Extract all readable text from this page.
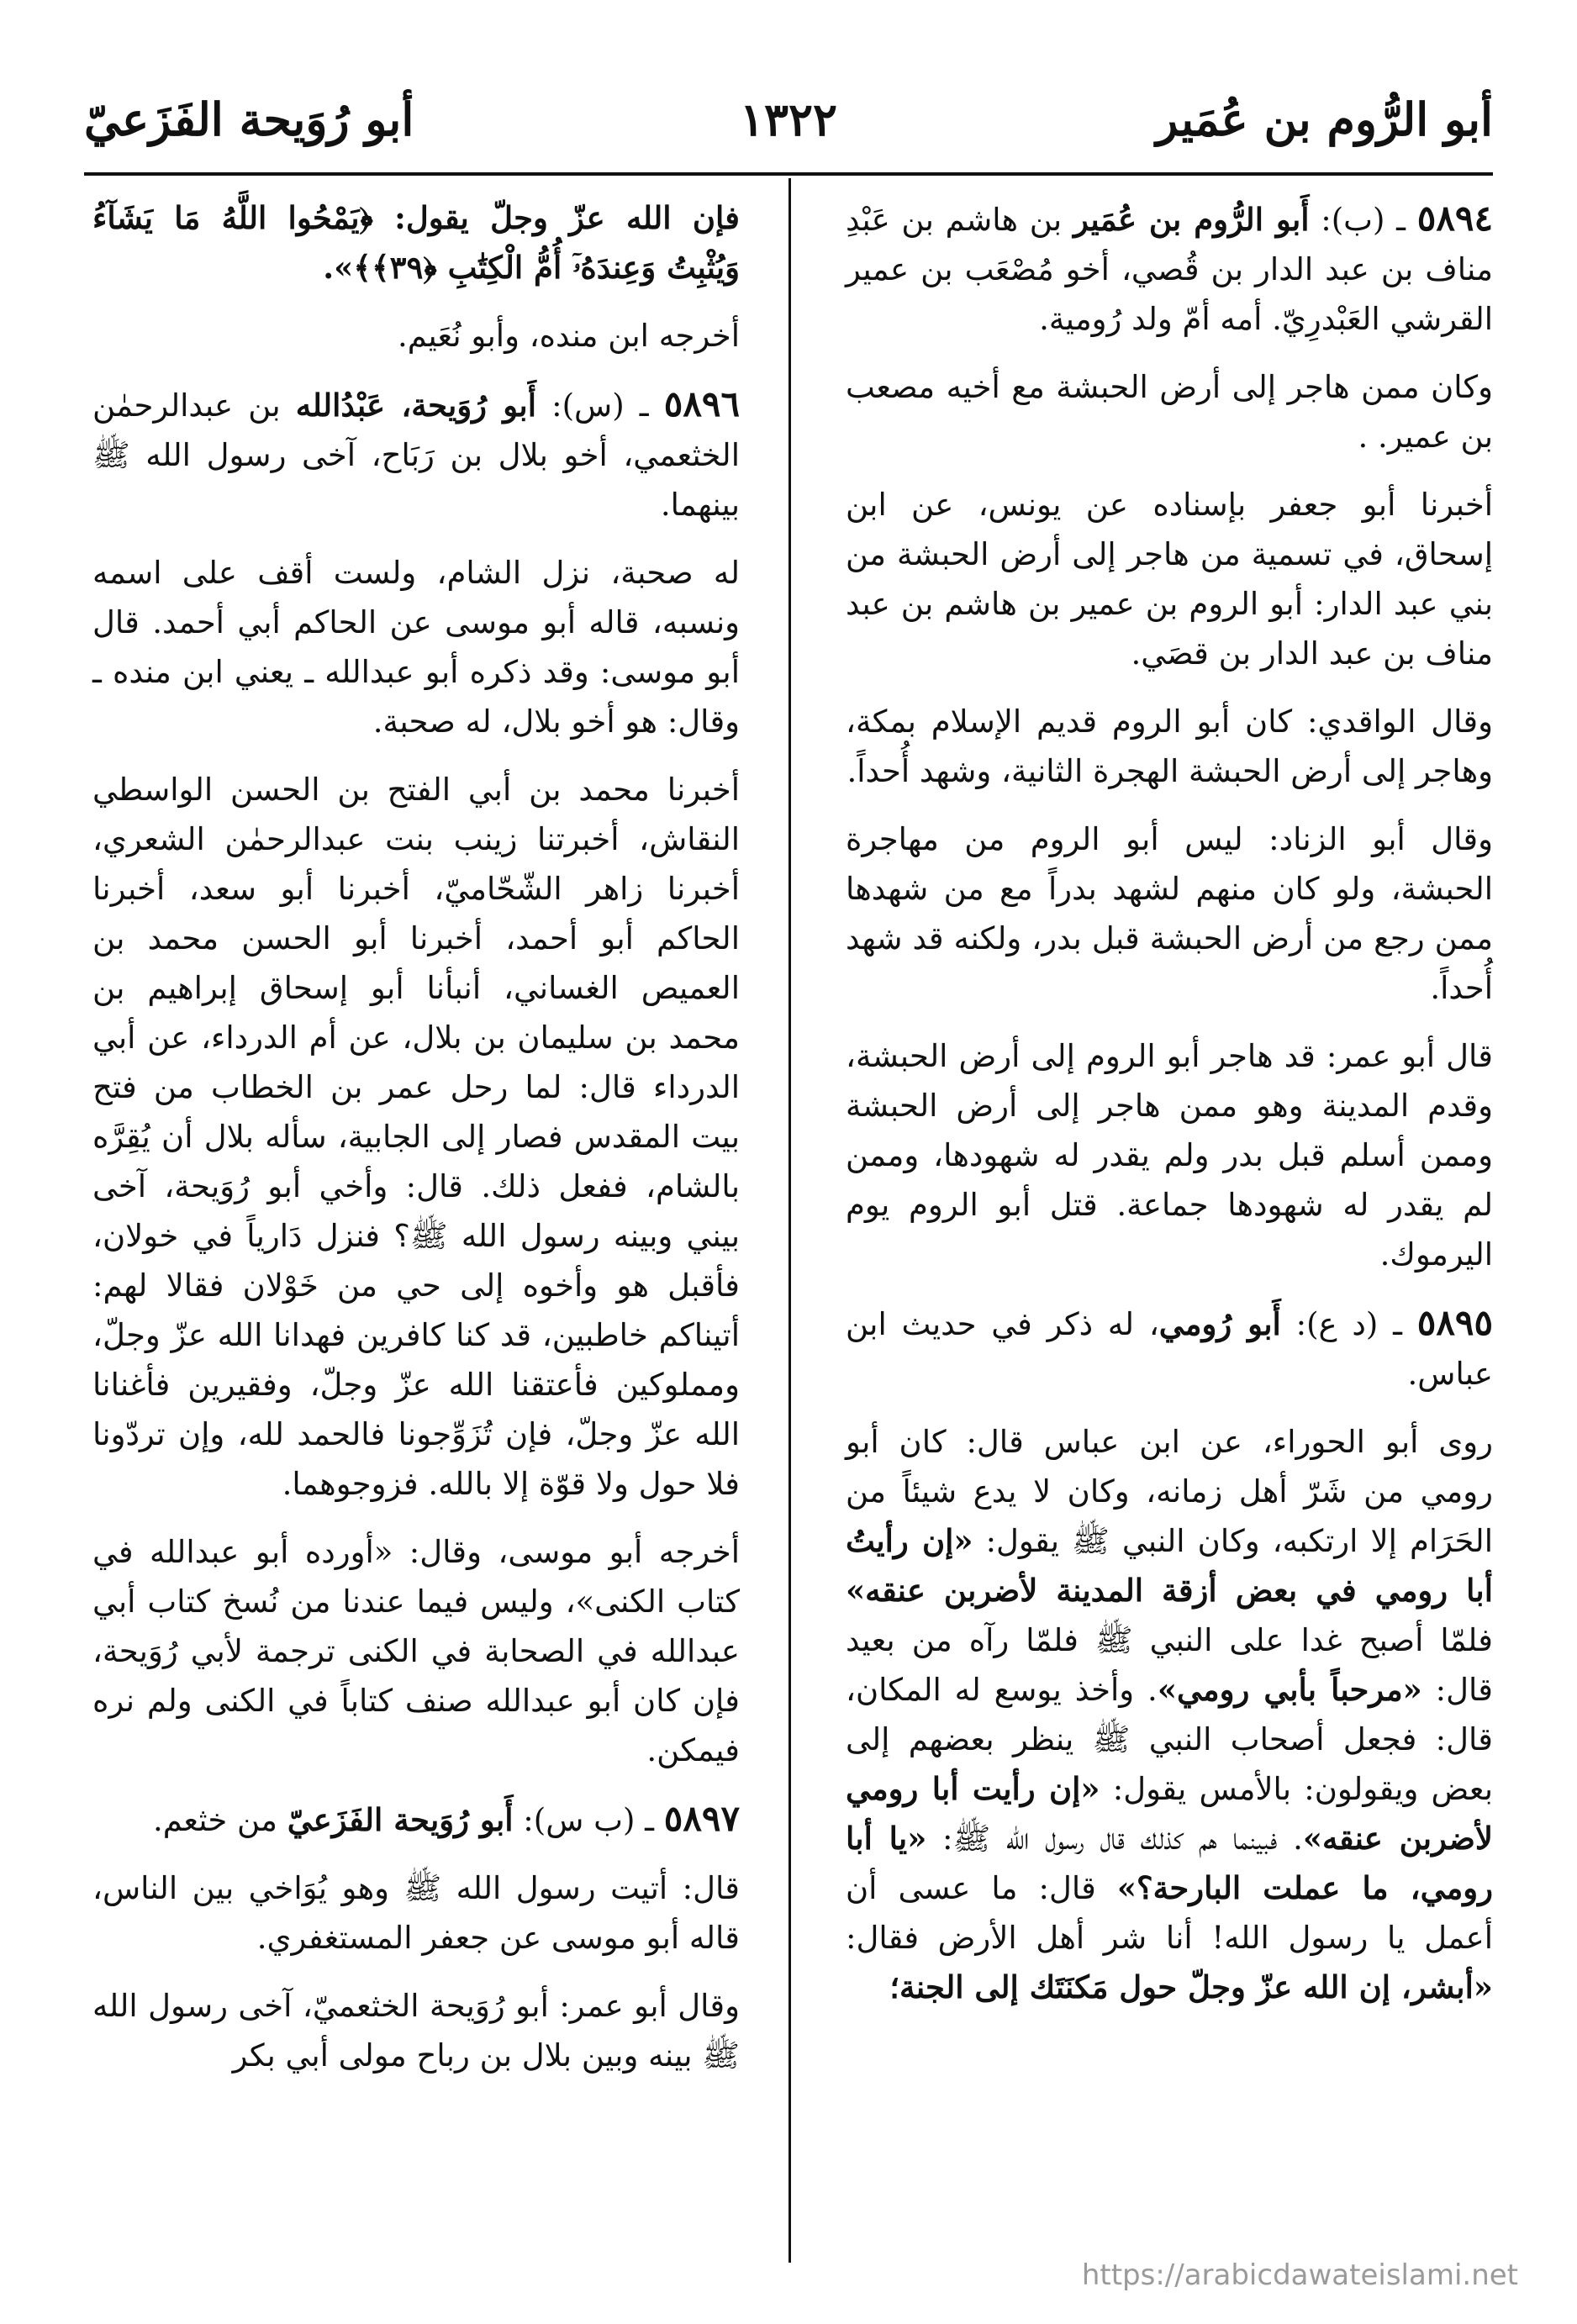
أبو الرُّوم بن عُمَير
١٣٢٢
أبو رُوَيحة الفَزَعيّ

٥٨٩٤ ـ (ب): أَبو الرُّوم بن عُمَير بن هاشم بن عَبْدِ مناف بن عبد الدار بن قُصي، أخو مُصْعَب بن عمير القرشي العَبْدرِيّ. أمه أمّ ولد رُومية.

وكان ممن هاجر إلى أرض الحبشة مع أخيه مصعب بن عمير. .

أخبرنا أبو جعفر بإسناده عن يونس، عن ابن إسحاق، في تسمية من هاجر إلى أرض الحبشة من بني عبد الدار: أبو الروم بن عمير بن هاشم بن عبد مناف بن عبد الدار بن قصَي.

وقال الواقدي: كان أبو الروم قديم الإسلام بمكة، وهاجر إلى أرض الحبشة الهجرة الثانية، وشهد أُحداً.

وقال أبو الزناد: ليس أبو الروم من مهاجرة الحبشة، ولو كان منهم لشهد بدراً مع من شهدها ممن رجع من أرض الحبشة قبل بدر، ولكنه قد شهد أُحداً.

قال أبو عمر: قد هاجر أبو الروم إلى أرض الحبشة، وقدم المدينة وهو ممن هاجر إلى أرض الحبشة وممن أسلم قبل بدر ولم يقدر له شهودها، وممن لم يقدر له شهودها جماعة. قتل أبو الروم يوم اليرموك.

٥٨٩٥ ـ (د ع): أَبو رُومي، له ذكر في حديث ابن عباس.

روى أبو الحوراء، عن ابن عباس قال: كان أبو رومي من شَرّ أهل زمانه، وكان لا يدع شيئاً من الحَرَام إلا ارتكبه، وكان النبي ﷺ يقول: «إن رأيتُ أبا رومي في بعض أزقة المدينة لأضربن عنقه» فلمّا أصبح غدا على النبي ﷺ فلمّا رآه من بعيد قال: «مرحباً بأبي رومي». وأخذ يوسع له المكان، قال: فجعل أصحاب النبي ﷺ ينظر بعضهم إلى بعض ويقولون: بالأمس يقول: «إن رأيت أبا رومي لأضربن عنقه». فبينما هم كذلك قال رسول الله ﷺ: «يا أبا رومي، ما عملت البارحة؟» قال: ما عسى أن أعمل يا رسول الله! أنا شر أهل الأرض فقال: «أبشر، إن الله عزّ وجلّ حول مَكنَتَك إلى الجنة؛

فإن الله عزّ وجلّ يقول: ﴿يَمْحُوا اللَّهُ مَا يَشَآءُ وَيُثْبِتُ وَعِندَهُۥٓ أُمُّ الْكِتَٰبِ ﴿٣٩﴾﴾».

أخرجه ابن منده، وأبو نُعَيم.

٥٨٩٦ ـ (س): أَبو رُوَيحة، عَبْدُالله بن عبدالرحمٰن الخثعمي، أخو بلال بن رَبَاح، آخى رسول الله ﷺ بينهما.

له صحبة، نزل الشام، ولست أقف على اسمه ونسبه، قاله أبو موسى عن الحاكم أبي أحمد. قال أبو موسى: وقد ذكره أبو عبدالله ـ يعني ابن منده ـ وقال: هو أخو بلال، له صحبة.

أخبرنا محمد بن أبي الفتح بن الحسن الواسطي النقاش، أخبرتنا زينب بنت عبدالرحمٰن الشعري، أخبرنا زاهر الشّحّاميّ، أخبرنا أبو سعد، أخبرنا الحاكم أبو أحمد، أخبرنا أبو الحسن محمد بن العميص الغساني، أنبأنا أبو إسحاق إبراهيم بن محمد بن سليمان بن بلال، عن أم الدرداء، عن أبي الدرداء قال: لما رحل عمر بن الخطاب من فتح بيت المقدس فصار إلى الجابية، سأله بلال أن يُقِرَّه بالشام، ففعل ذلك. قال: وأخي أبو رُوَيحة، آخى بيني وبينه رسول الله ﷺ؟ فنزل دَارياً في خولان، فأقبل هو وأخوه إلى حي من خَوْلان فقالا لهم: أتيناكم خاطبين، قد كنا كافرين فهدانا الله عزّ وجلّ، ومملوكين فأعتقنا الله عزّ وجلّ، وفقيرين فأغنانا الله عزّ وجلّ، فإن تُزَوِّجونا فالحمد لله، وإن تردّونا فلا حول ولا قوّة إلا بالله. فزوجوهما.

أخرجه أبو موسى، وقال: «أورده أبو عبدالله في كتاب الكنى»، وليس فيما عندنا من نُسخ كتاب أبي عبدالله في الصحابة في الكنى ترجمة لأبي رُوَيحة، فإن كان أبو عبدالله صنف كتاباً في الكنى ولم نره فيمكن.

٥٨٩٧ ـ (ب س): أَبو رُوَيحة الفَزَعيّ من خثعم.

قال: أتيت رسول الله ﷺ وهو يُوَاخي بين الناس، قاله أبو موسى عن جعفر المستغفري.

وقال أبو عمر: أبو رُوَيحة الخثعميّ، آخى رسول الله ﷺ بينه وبين بلال بن رباح مولى أبي بكر

https://arabicdawateislami.net
